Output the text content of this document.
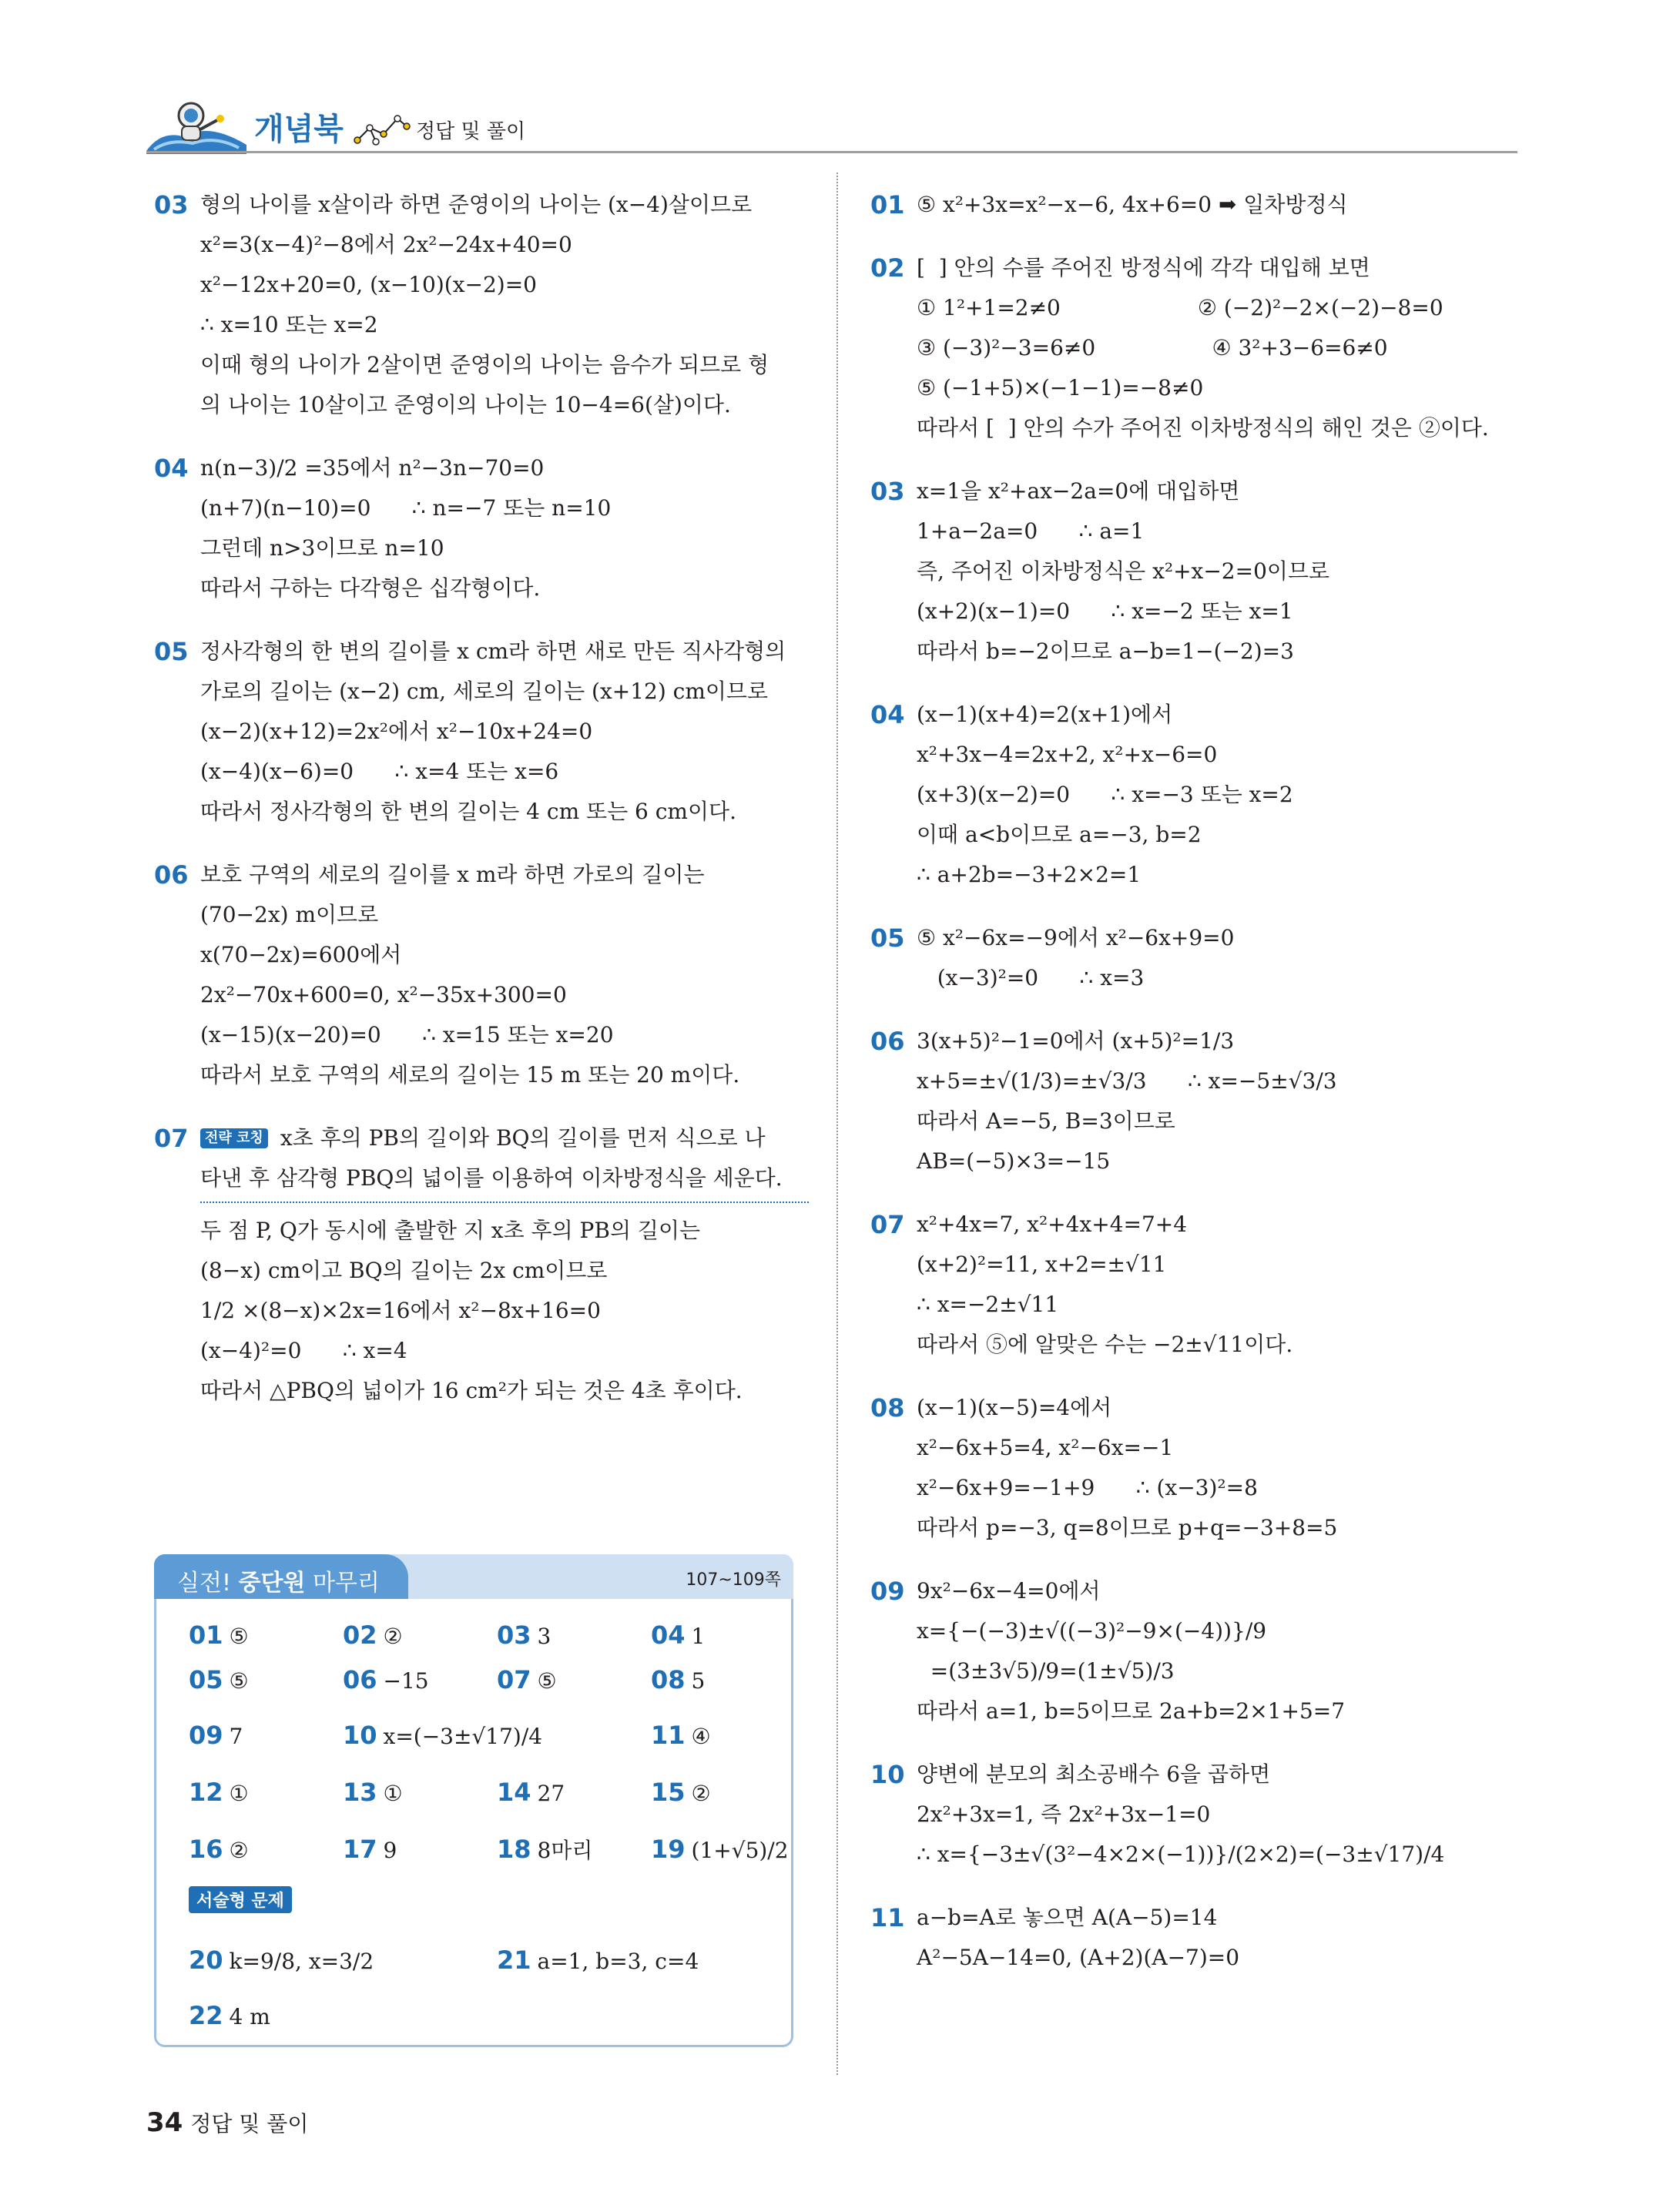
개념북	정답 및 풀이
03 형의 나이를 x살이라 하면 준영이의 나이는 (x−4)살이므로
x²=3(x−4)²−8에서 2x²−24x+40=0
x²−12x+20=0, (x−10)(x−2)=0
∴ x=10 또는 x=2
이때 형의 나이가 2살이면 준영이의 나이는 음수가 되므로 형
의 나이는 10살이고 준영이의 나이는 10−4=6(살)이다.
04 n(n−3)/2 =35에서 n²−3n−70=0
(n+7)(n−10)=0      ∴ n=−7 또는 n=10
그런데 n>3이므로 n=10
따라서 구하는 다각형은 십각형이다.
05 정사각형의 한 변의 길이를 x cm라 하면 새로 만든 직사각형의
가로의 길이는 (x−2) cm, 세로의 길이는 (x+12) cm이므로
(x−2)(x+12)=2x²에서 x²−10x+24=0
(x−4)(x−6)=0      ∴ x=4 또는 x=6
따라서 정사각형의 한 변의 길이는 4 cm 또는 6 cm이다.
06 보호 구역의 세로의 길이를 x m라 하면 가로의 길이는
(70−2x) m이므로
x(70−2x)=600에서
2x²−70x+600=0, x²−35x+300=0
(x−15)(x−20)=0      ∴ x=15 또는 x=20
따라서 보호 구역의 세로의 길이는 15 m 또는 20 m이다.
07	전략 코칭 x초 후의 PB의 길이와 BQ의 길이를 먼저 식으로 나
타낸 후 삼각형 PBQ의 넓이를 이용하여 이차방정식을 세운다.
두 점 P, Q가 동시에 출발한 지 x초 후의 PB의 길이는
(8−x) cm이고 BQ의 길이는 2x cm이므로
1/2 ×(8−x)×2x=16에서 x²−8x+16=0
(x−4)²=0      ∴ x=4
따라서 △PBQ의 넓이가 16 cm²가 되는 것은 4초 후이다.
01 ⑤ x²+3x=x²−x−6, 4x+6=0 ➡ 일차방정식
02 [  ] 안의 수를 주어진 방정식에 각각 대입해 보면
① 1²+1=2≠0                    ② (−2)²−2×(−2)−8=0
③ (−3)²−3=6≠0                 ④ 3²+3−6=6≠0
⑤ (−1+5)×(−1−1)=−8≠0
따라서 [  ] 안의 수가 주어진 이차방정식의 해인 것은 ②이다.
03 x=1을 x²+ax−2a=0에 대입하면
1+a−2a=0      ∴ a=1
즉, 주어진 이차방정식은 x²+x−2=0이므로
(x+2)(x−1)=0      ∴ x=−2 또는 x=1
따라서 b=−2이므로 a−b=1−(−2)=3
04 (x−1)(x+4)=2(x+1)에서
x²+3x−4=2x+2, x²+x−6=0
(x+3)(x−2)=0      ∴ x=−3 또는 x=2
이때 a<b이므로 a=−3, b=2
∴ a+2b=−3+2×2=1
05 ⑤ x²−6x=−9에서 x²−6x+9=0
(x−3)²=0      ∴ x=3
06 3(x+5)²−1=0에서 (x+5)²=1/3
x+5=±√(1/3)=±√3/3      ∴ x=−5±√3/3
따라서 A=−5, B=3이므로
AB=(−5)×3=−15
07 x²+4x=7, x²+4x+4=7+4
(x+2)²=11, x+2=±√11
∴ x=−2±√11
따라서 ⑤에 알맞은 수는 −2±√11이다.
08 (x−1)(x−5)=4에서
x²−6x+5=4, x²−6x=−1
x²−6x+9=−1+9      ∴ (x−3)²=8
따라서 p=−3, q=8이므로 p+q=−3+8=5
09 9x²−6x−4=0에서
x={−(−3)±√((−3)²−9×(−4))}/9
=(3±3√5)/9=(1±√5)/3
따라서 a=1, b=5이므로 2a+b=2×1+5=7
10 양변에 분모의 최소공배수 6을 곱하면
2x²+3x=1, 즉 2x²+3x−1=0
∴ x={−3±√(3²−4×2×(−1))}/(2×2)=(−3±√17)/4
11 a−b=A로 놓으면 A(A−5)=14
A²−5A−14=0, (A+2)(A−7)=0
실전! 중단원 마무리	107~109쪽
01 ⑤	02 ②	03 3	04 1
05 ⑤	06 −15	07 ⑤	08 5
09 7	10 x=(−3±√17)/4	11 ④
12 ①	13 ①	14 27	15 ②
16 ②	17 9	18 8마리 19 (1+√5)/2
서술형 문제
20 k=9/8, x=3/2	21 a=1, b=3, c=4
22 4 m
34 정답 및 풀이
